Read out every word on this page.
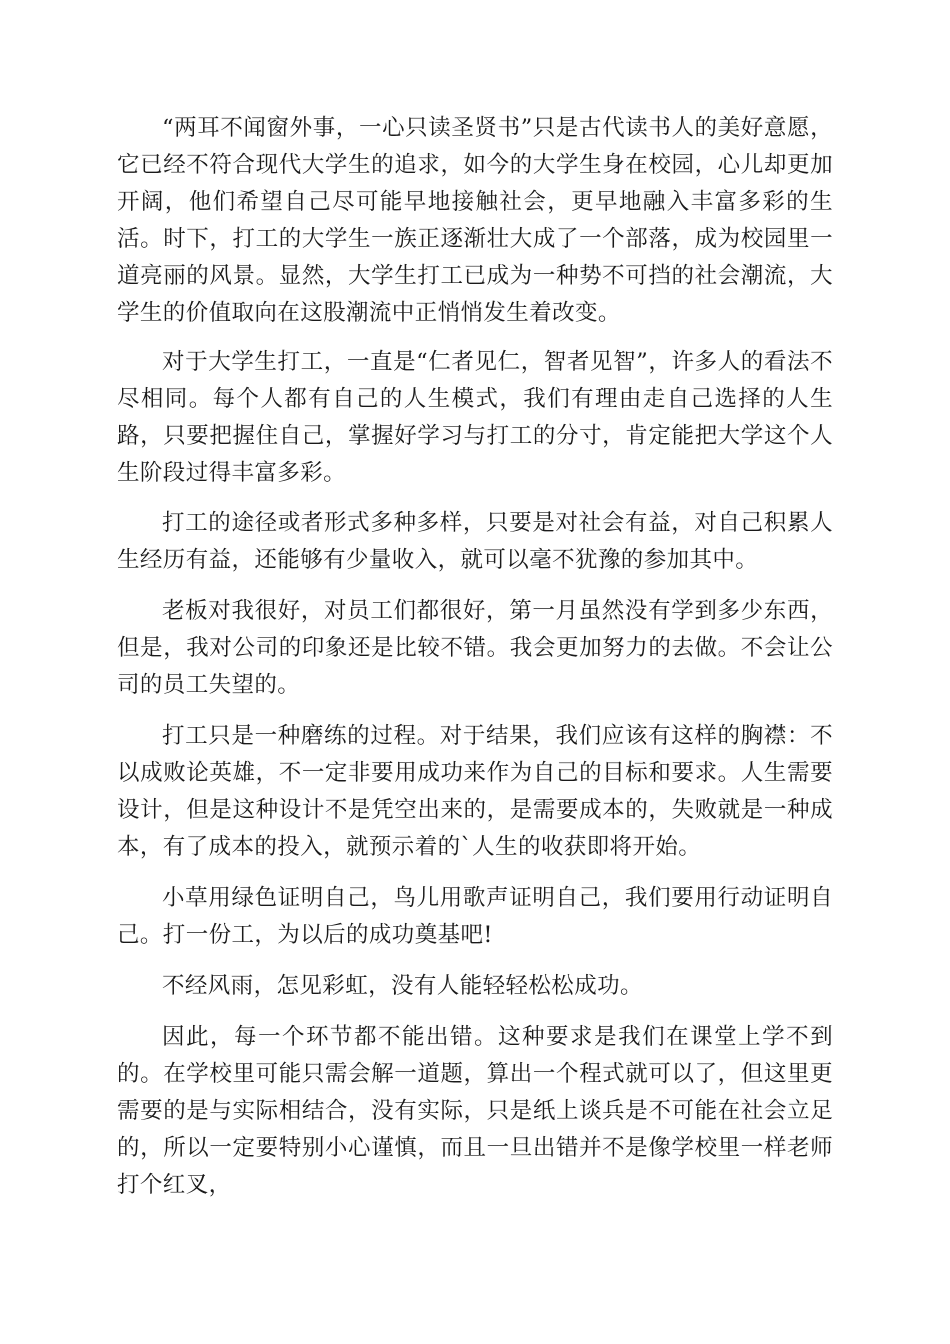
“两耳不闻窗外事，一心只读圣贤书”只是古代读书人的美好意愿，它已经不符合现代大学生的追求，如今的大学生身在校园，心儿却更加开阔，他们希望自己尽可能早地接触社会，更早地融入丰富多彩的生活。时下，打工的大学生一族正逐渐壮大成了一个部落，成为校园里一道亮丽的风景。显然，大学生打工已成为一种势不可挡的社会潮流，大学生的价值取向在这股潮流中正悄悄发生着改变。

对于大学生打工，一直是“仁者见仁，智者见智”，许多人的看法不尽相同。每个人都有自己的人生模式，我们有理由走自己选择的人生路，只要把握住自己，掌握好学习与打工的分寸，肯定能把大学这个人生阶段过得丰富多彩。

打工的途径或者形式多种多样，只要是对社会有益，对自己积累人生经历有益，还能够有少量收入，就可以毫不犹豫的参加其中。

老板对我很好，对员工们都很好，第一月虽然没有学到多少东西，但是，我对公司的印象还是比较不错。我会更加努力的去做。不会让公司的员工失望的。

打工只是一种磨练的过程。对于结果，我们应该有这样的胸襟：不以成败论英雄，不一定非要用成功来作为自己的目标和要求。人生需要设计，但是这种设计不是凭空出来的，是需要成本的，失败就是一种成本，有了成本的投入，就预示着的`人生的收获即将开始。

小草用绿色证明自己，鸟儿用歌声证明自己，我们要用行动证明自己。打一份工，为以后的成功奠基吧!

不经风雨，怎见彩虹，没有人能轻轻松松成功。

因此，每一个环节都不能出错。这种要求是我们在课堂上学不到的。在学校里可能只需会解一道题，算出一个程式就可以了，但这里更需要的是与实际相结合，没有实际，只是纸上谈兵是不可能在社会立足的，所以一定要特别小心谨慎，而且一旦出错并不是像学校里一样老师打个红叉，
